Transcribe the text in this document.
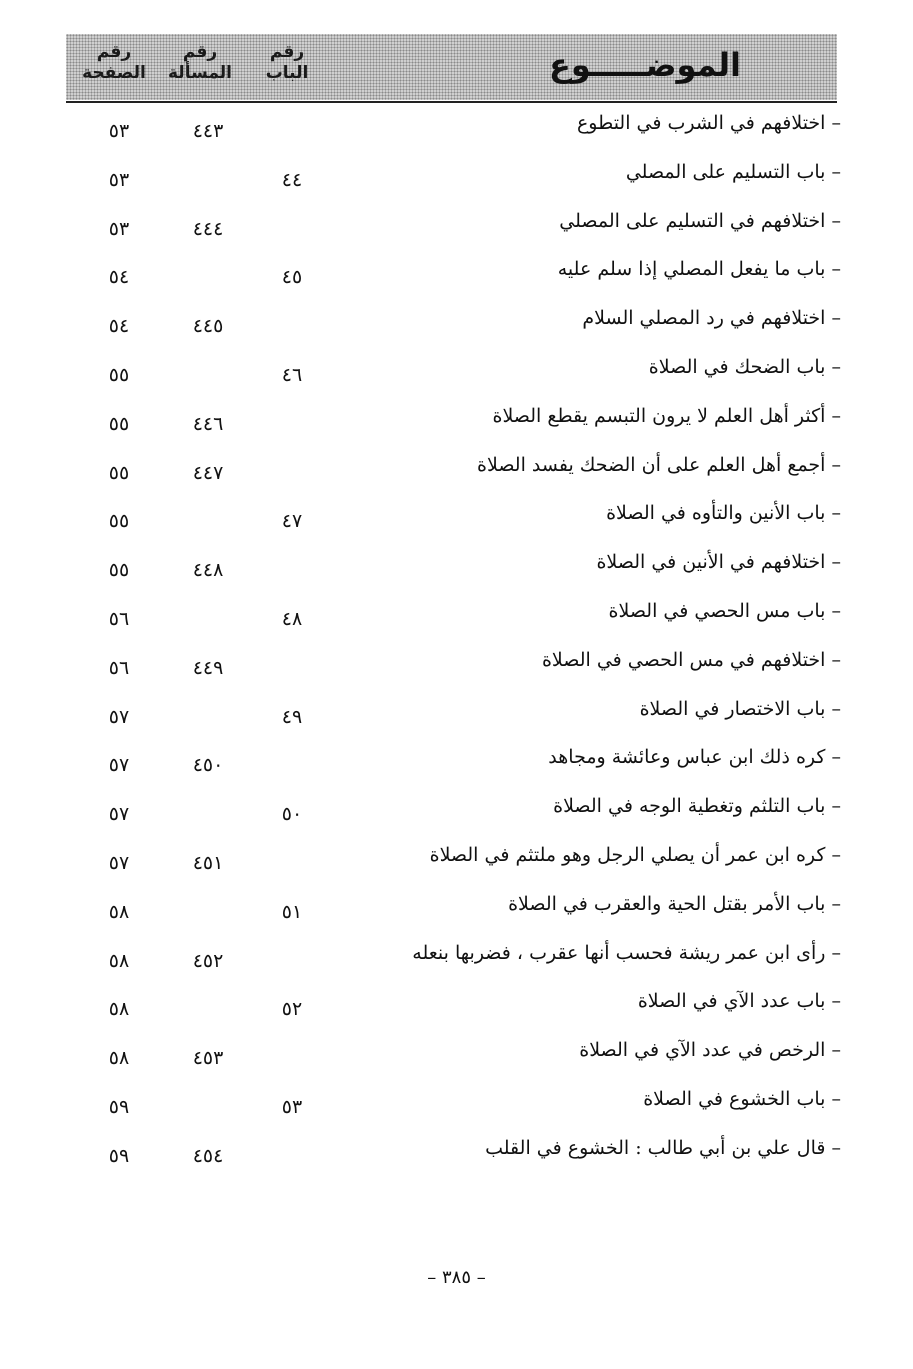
رقم
الصفحة
رقم
المسألة
رقم
الباب	الموضـــــوع
– اختلافهم في الشرب في التطوع
٤٤٣
٥٣
– باب التسليم على المصلي
٤٤
٥٣
– اختلافهم في التسليم على المصلي
٤٤٤
٥٣
– باب ما يفعل المصلي إذا سلم عليه
٤٥
٥٤
– اختلافهم في رد المصلي السلام
٤٤٥
٥٤
– باب الضحك في الصلاة
٤٦
٥٥
– أكثر أهل العلم لا يرون التبسم يقطع الصلاة
٤٤٦
٥٥
– أجمع أهل العلم على أن الضحك يفسد الصلاة
٤٤٧
٥٥
– باب الأنين والتأوه في الصلاة
٤٧
٥٥
– اختلافهم في الأنين في الصلاة
٤٤٨
٥٥
– باب مس الحصي في الصلاة
٤٨
٥٦
– اختلافهم في مس الحصي في الصلاة
٤٤٩
٥٦
– باب الاختصار في الصلاة
٤٩
٥٧
– كره ذلك ابن عباس وعائشة ومجاهد
٤٥٠
٥٧
– باب التلثم وتغطية الوجه في الصلاة
٥٠
٥٧
– كره ابن عمر أن يصلي الرجل وهو ملتثم في الصلاة
٤٥١
٥٧
– باب الأمر بقتل الحية والعقرب في الصلاة
٥١
٥٨
– رأى ابن عمر ريشة فحسب أنها عقرب ، فضربها بنعله
٤٥٢
٥٨
– باب عدد الآي في الصلاة
٥٢
٥٨
– الرخص في عدد الآي في الصلاة
٤٥٣
٥٨
– باب الخشوع في الصلاة
٥٣
٥٩
– قال علي بن أبي طالب : الخشوع في القلب
٤٥٤
٥٩
– ٣٨٥ –
